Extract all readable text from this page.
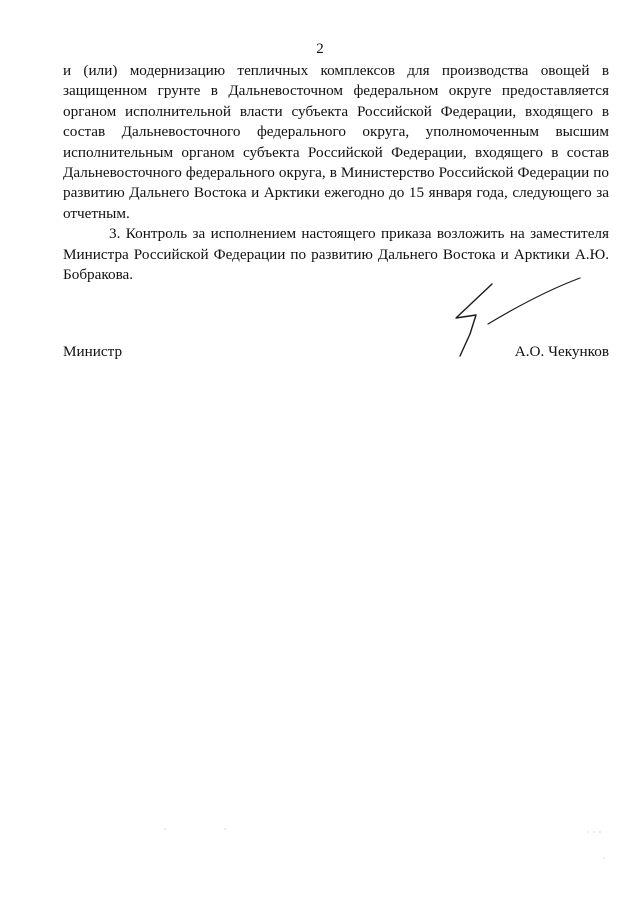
2

и (или) модернизацию тепличных комплексов для производства овощей в защищенном грунте в Дальневосточном федеральном округе предоставляется органом исполнительной власти субъекта Российской Федерации, входящего в состав Дальневосточного федерального округа, уполномоченным высшим исполнительным органом субъекта Российской Федерации, входящего в состав Дальневосточного федерального округа, в Министерство Российской Федерации по развитию Дальнего Востока и Арктики ежегодно до 15 января года, следующего за отчетным.

3. Контроль за исполнением настоящего приказа возложить на заместителя Министра Российской Федерации по развитию Дальнего Востока и Арктики А.Ю. Бобракова.

Министр	А.О. Чекунков
